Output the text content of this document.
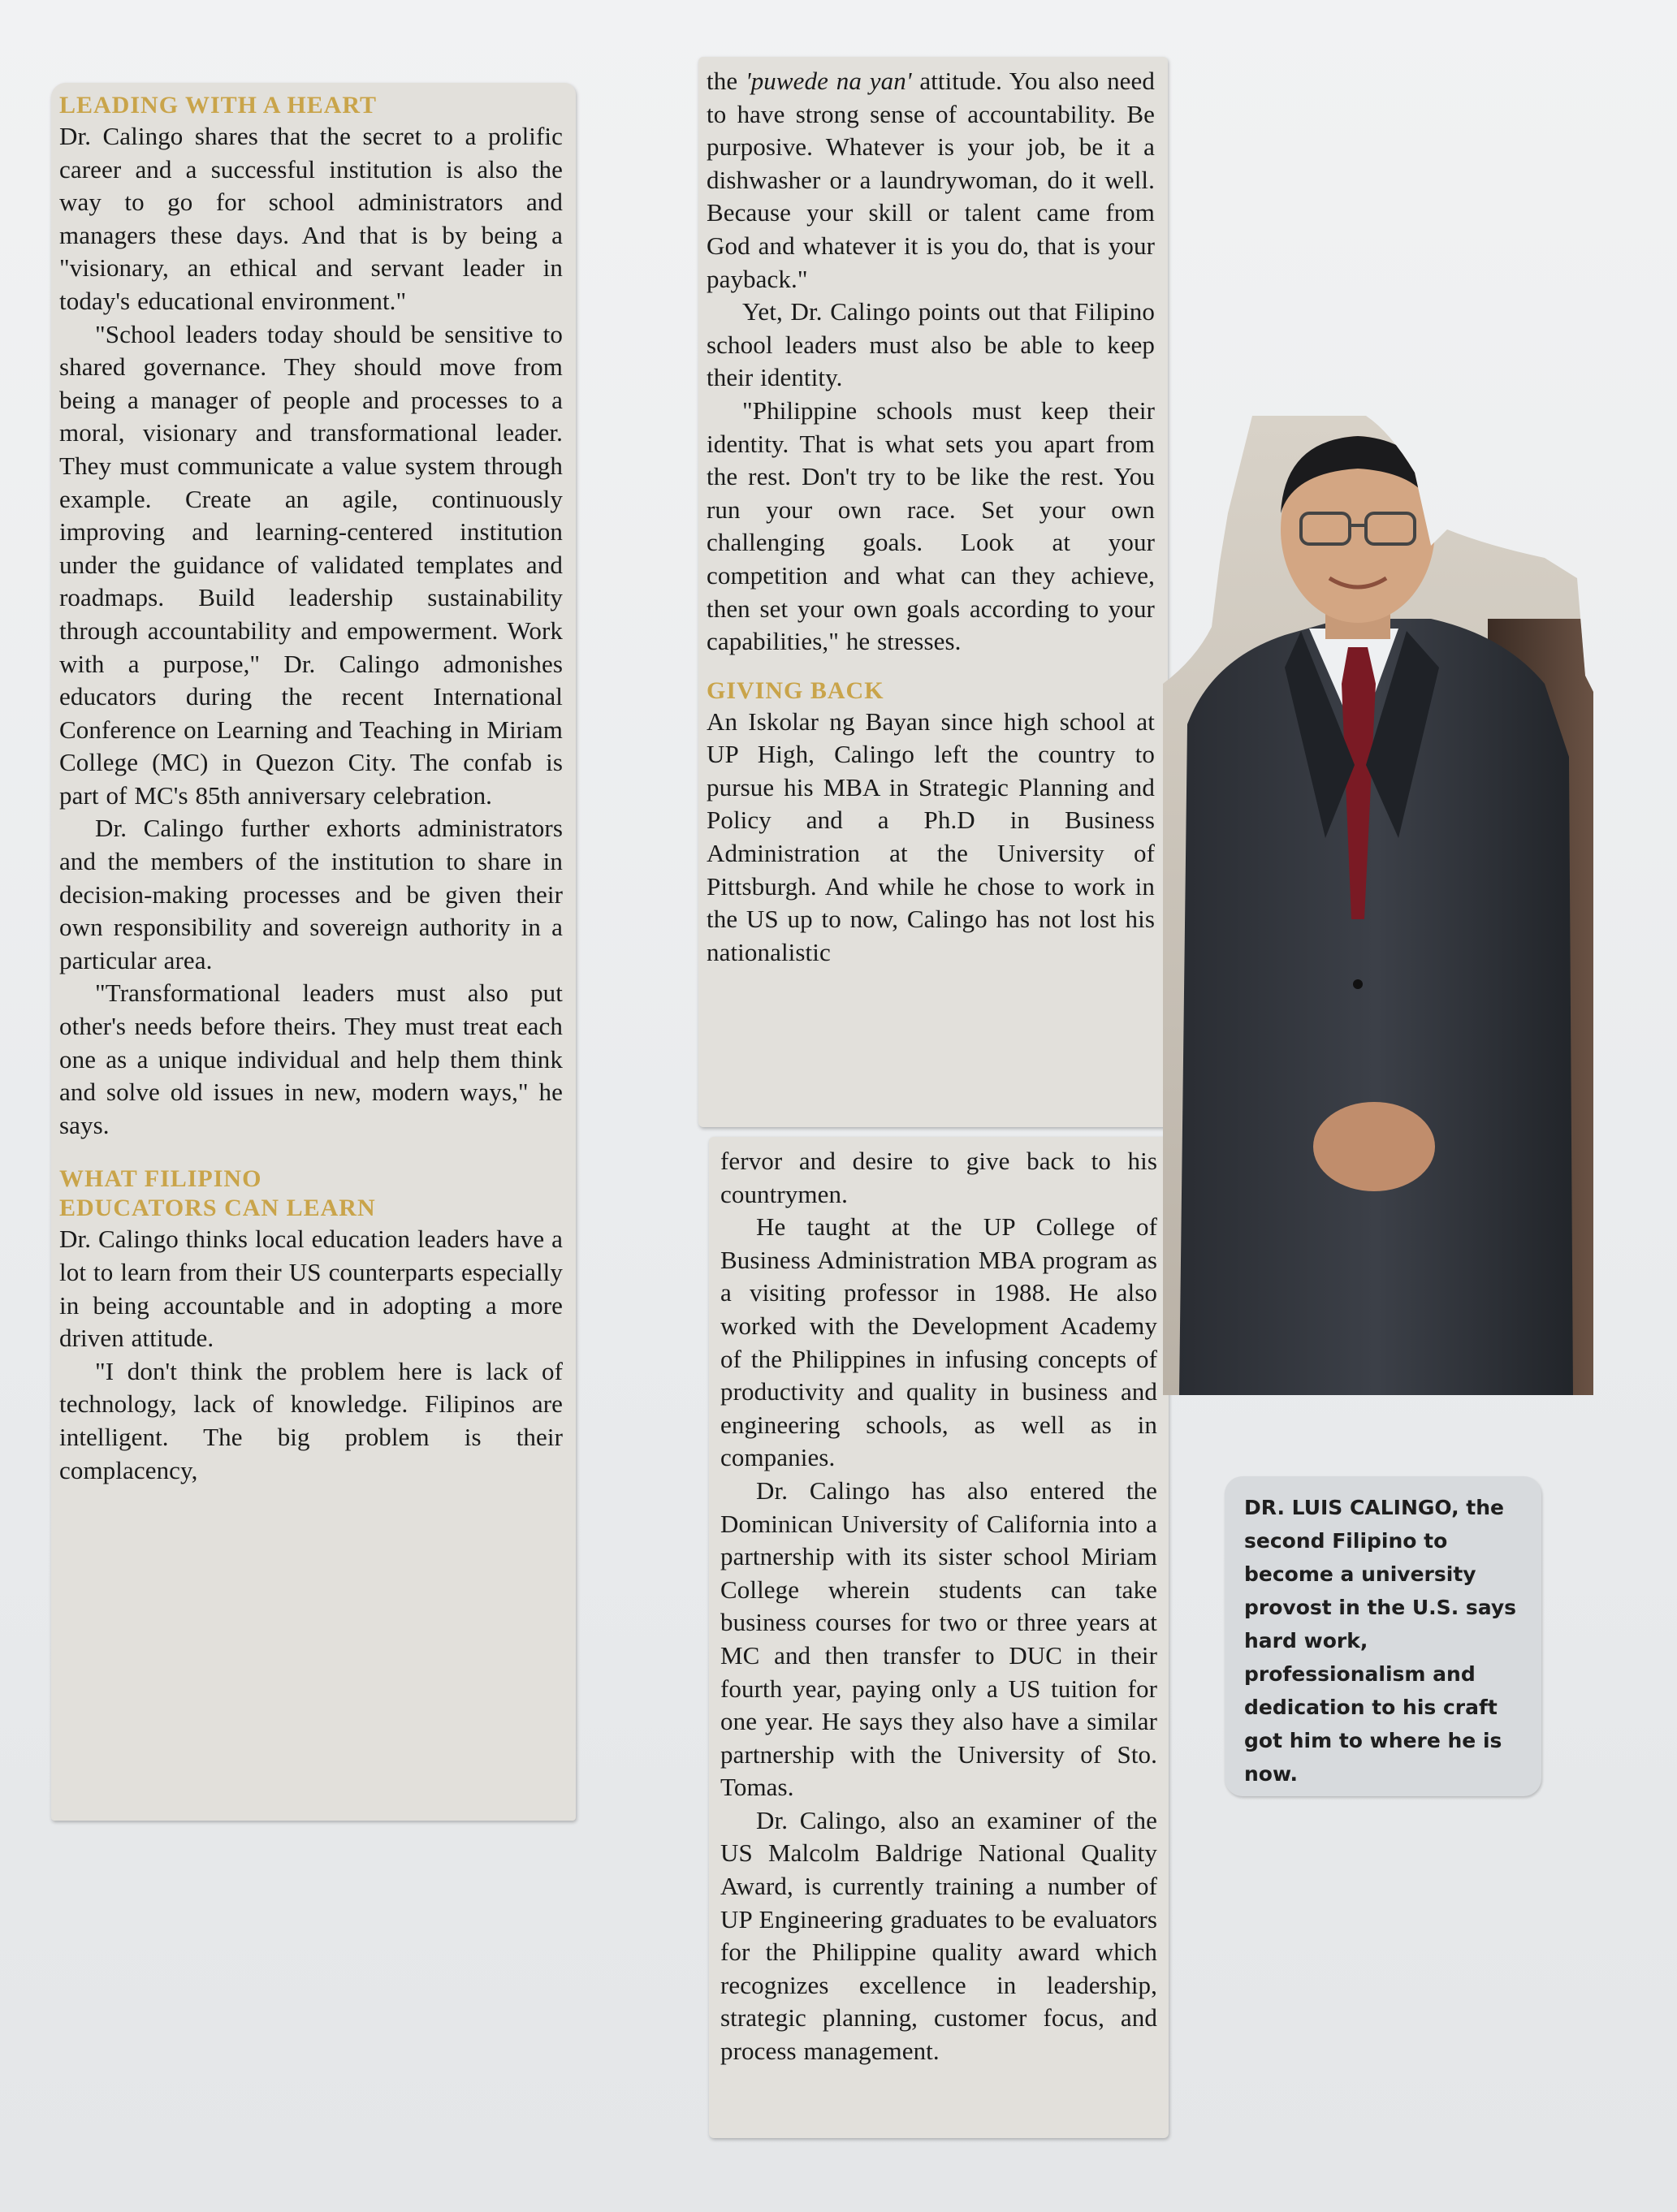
LEADING WITH A HEART

Dr. Calingo shares that the secret to a prolific career and a successful institution is also the way to go for school administrators and managers these days. And that is by being a "visionary, an ethical and servant leader in today's educational environment."

"School leaders today should be sensitive to shared governance. They should move from being a manager of people and processes to a moral, visionary and transformational leader. They must communicate a value system through example. Create an agile, continuously improving and learning-centered institution under the guidance of validated templates and roadmaps. Build leadership sustainability through accountability and empowerment. Work with a purpose," Dr. Calingo admonishes educators during the recent International Conference on Learning and Teaching in Miriam College (MC) in Quezon City. The confab is part of MC's 85th anniversary celebration.

Dr. Calingo further exhorts administrators and the members of the institution to share in decision-making processes and be given their own responsibility and sovereign authority in a particular area.

"Transformational leaders must also put other's needs before theirs. They must treat each one as a unique individual and help them think and solve old issues in new, modern ways," he says.

WHAT FILIPINO EDUCATORS CAN LEARN

Dr. Calingo thinks local education leaders have a lot to learn from their US counterparts especially in being accountable and in adopting a more driven attitude.

"I don't think the problem here is lack of technology, lack of knowledge. Filipinos are intelligent. The big problem is their complacency,

the 'puwede na yan' attitude. You also need to have strong sense of accountability. Be purposive. Whatever is your job, be it a dishwasher or a laundrywoman, do it well. Because your skill or talent came from God and whatever it is you do, that is your payback."

Yet, Dr. Calingo points out that Filipino school leaders must also be able to keep their identity.

"Philippine schools must keep their identity. That is what sets you apart from the rest. Don't try to be like the rest. You run your own race. Set your own challenging goals. Look at your competition and what can they achieve, then set your own goals according to your capabilities," he stresses.

GIVING BACK

An Iskolar ng Bayan since high school at UP High, Calingo left the country to pursue his MBA in Strategic Planning and Policy and a Ph.D in Business Administration at the University of Pittsburgh. And while he chose to work in the US up to now, Calingo has not lost his nationalistic

fervor and desire to give back to his countrymen.

He taught at the UP College of Business Administration MBA program as a visiting professor in 1988. He also worked with the Development Academy of the Philippines in infusing concepts of productivity and quality in business and engineering schools, as well as in companies.

Dr. Calingo has also entered the Dominican University of California into a partnership with its sister school Miriam College wherein students can take business courses for two or three years at MC and then transfer to DUC in their fourth year, paying only a US tuition for one year. He says they also have a similar partnership with the University of Sto. Tomas.

Dr. Calingo, also an examiner of the US Malcolm Baldrige National Quality Award, is currently training a number of UP Engineering graduates to be evaluators for the Philippine quality award which recognizes excellence in leadership, strategic planning, customer focus, and process management.

DR. LUIS CALINGO, the second Filipino to become a university provost in the U.S. says hard work, professionalism and dedication to his craft got him to where he is now.
